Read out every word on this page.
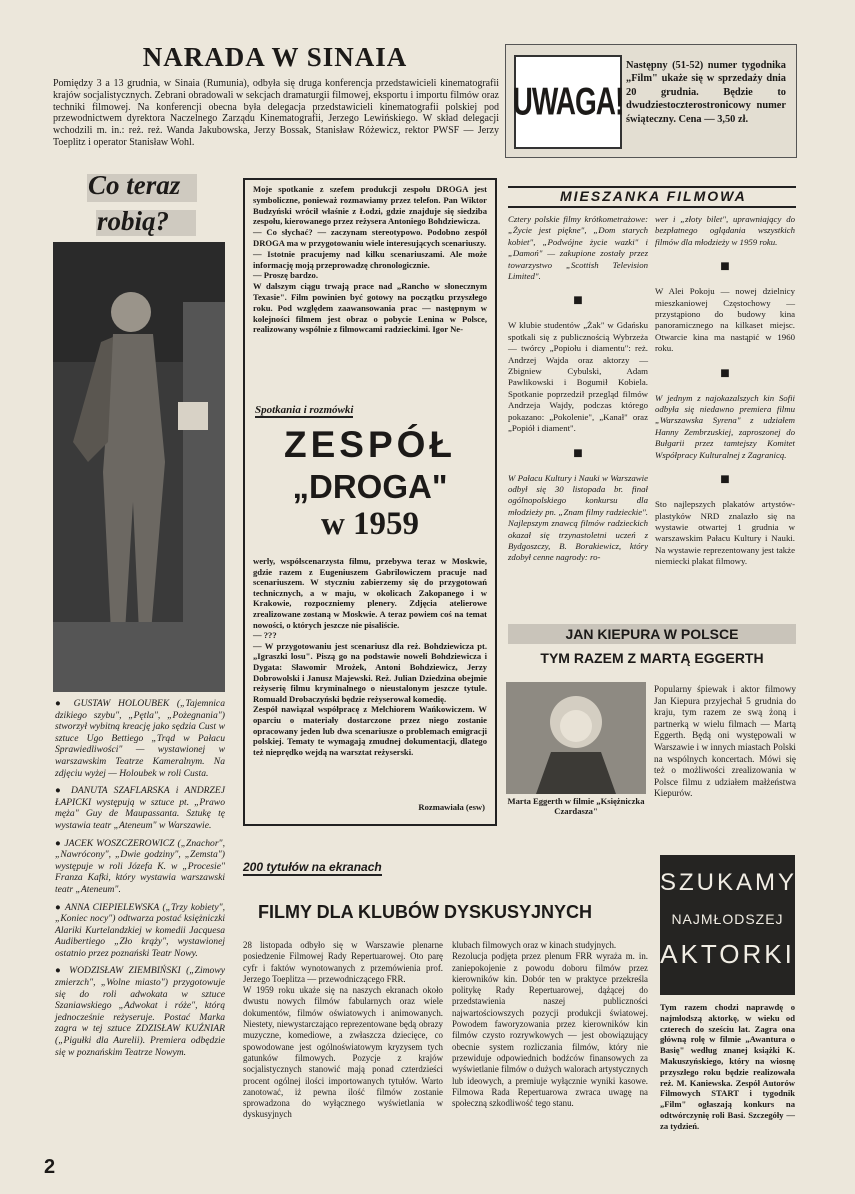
NARADA W SINAIA

Pomiędzy 3 a 13 grudnia, w Sinaia (Rumunia), odbyła się druga konferencja przedstawicieli kinematografii krajów socjalistycznych. Zebrani obradowali w sekcjach dramaturgii filmowej, eksportu i importu filmów oraz techniki filmowej. Na konferencji obecna była delegacja przedstawicieli kinematografii polskiej pod przewodnictwem dyrektora Naczelnego Zarządu Kinematografii, Jerzego Lewińskiego. W skład delegacji wchodzili m. in.: reż. reż. Wanda Jakubowska, Jerzy Bossak, Stanisław Różewicz, rektor PWSF — Jerzy Toeplitz i operator Stanisław Wohl.

UWAGA!

Następny (51-52) numer tygodnika „Film" ukaże się w sprzedaży dnia 20 grudnia. Będzie to dwudziestoczterostronicowy numer świąteczny. Cena — 3,50 zł.

Co teraz
robią?

● GUSTAW HOLOUBEK („Tajemnica dzikiego szybu", „Pętla", „Pożegnania") stworzył wybitną kreację jako sędzia Cust w sztuce Ugo Bettiego „Trąd w Pałacu Sprawiedliwości" — wystawionej w warszawskim Teatrze Kameralnym. Na zdjęciu wyżej — Holoubek w roli Custa.

● DANUTA SZAFLARSKA i ANDRZEJ ŁAPICKI występują w sztuce pt. „Prawo męża" Guy de Maupassanta. Sztukę tę wystawia teatr „Ateneum" w Warszawie.

● JACEK WOSZCZEROWICZ („Znachor", „Nawrócony", „Dwie godziny", „Zemsta") występuje w roli Józefa K. w „Procesie" Franza Kafki, który wystawia warszawski teatr „Ateneum".

● ANNA CIEPIELEWSKA („Trzy kobiety", „Koniec nocy") odtwarza postać księżniczki Alariki Kurtelandzkiej w komedii Jacquesa Audibertiego „Zło krąży", wystawionej ostatnio przez poznański Teatr Nowy.

● WODZISŁAW ZIEMBIŃSKI („Zimowy zmierzch", „Wolne miasto") przygotowuje się do roli adwokata w sztuce Szaniawskiego „Adwokat i róże", którą jednocześnie reżyseruje. Postać Marka zagra w tej sztuce ZDZISŁAW KUŹNIAR („Pigułki dla Aurelii). Premiera odbędzie się w poznańskim Teatrze Nowym.

Moje spotkanie z szefem produkcji zespołu DROGA jest symboliczne, ponieważ rozmawiamy przez telefon. Pan Wiktor Budzyński wrócił właśnie z Łodzi, gdzie znajduje się siedziba zespołu, kierowanego przez reżysera Antoniego Bohdziewicza.
— Co słychać? — zaczynam stereotypowo. Podobno zespół DROGA ma w przygotowaniu wiele interesujących scenariuszy.
— Istotnie pracujemy nad kilku scenariuszami. Ale może informację moją przeprowadzę chronologicznie.
— Proszę bardzo.
W dalszym ciągu trwają prace nad „Rancho w słonecznym Texasie". Film powinien być gotowy na początku przyszłego roku. Pod względem zaawansowania prac — następnym w kolejności filmem jest obraz o pobycie Lenina w Polsce, realizowany wspólnie z filmowcami radzieckimi. Igor Ne-

Spotkania i rozmówki
ZESPÓŁ
„DROGA"
w 1959

werly, współscenarzysta filmu, przebywa teraz w Moskwie, gdzie razem z Eugeniuszem Gabrilowiczem pracuje nad scenariuszem. W styczniu zabierzemy się do przygotowań technicznych, a w maju, w okolicach Zakopanego i w Krakowie, rozpoczniemy plenery. Zdjęcia atelierowe zrealizowane zostaną w Moskwie. A teraz powiem coś na temat nowości, o których jeszcze nie pisaliście.
— ???
— W przygotowaniu jest scenariusz dla reż. Bohdziewicza pt. „Igraszki losu". Piszą go na podstawie noweli Bohdziewicza i Dygata: Sławomir Mrożek, Antoni Bohdziewicz, Jerzy Dobrowolski i Janusz Majewski. Reż. Julian Dziedzina obejmie reżyserię filmu kryminalnego o nieustalonym jeszcze tytule. Romuald Drobaczyński będzie reżyserował komedię.
Zespół nawiązał współpracę z Melchiorem Wańkowiczem. W oparciu o materiały dostarczone przez niego zostanie opracowany jeden lub dwa scenariusze o problemach emigracji polskiej. Tematy te wymagają zmudnej dokumentacji, dlatego też nieprędko wejdą na warsztat reżyserski.

Rozmawiała (esw)
MIESZANKA FILMOWA

Cztery polskie filmy krótkometrażowe: „Życie jest piękne", „Dom starych kobiet", „Podwójne życie wazki" i „Damoń" — zakupione zostały przez towarzystwo „Scottish Television Limited".

■

W klubie studentów „Żak" w Gdańsku spotkali się z publicznością Wybrzeża — twórcy „Popiołu i diamentu": reż. Andrzej Wajda oraz aktorzy — Zbigniew Cybulski, Adam Pawlikowski i Bogumił Kobiela. Spotkanie poprzedził przegląd filmów Andrzeja Wajdy, podczas którego pokazano: „Pokolenie", „Kanał" oraz „Popiół i diament".

■

W Pałacu Kultury i Nauki w Warszawie odbył się 30 listopada br. finał ogólnopolskiego konkursu dla młodzieży pn. „Znam filmy radzieckie". Najlepszym znawcą filmów radzieckich okazał się trzynastoletni uczeń z Bydgoszczy, B. Borakiewicz, który zdobył cenne nagrody: ro-

wer i „złoty bilet", uprawniający do bezpłatnego oglądania wszystkich filmów dla młodzieży w 1959 roku.

■

W Alei Pokoju — nowej dzielnicy mieszkaniowej Częstochowy — przystąpiono do budowy kina panoramicznego na kilkaset miejsc. Otwarcie kina ma nastąpić w 1960 roku.

■

W jednym z najokazalszych kin Sofii odbyła się niedawno premiera filmu „Warszawska Syrena" z udziałem Hanny Zembrzuskiej, zaproszonej do Bułgarii przez tamtejszy Komitet Współpracy Kulturalnej z Zagranicą.

■

Sto najlepszych plakatów artystów-plastyków NRD znalazło się na wystawie otwartej 1 grudnia w warszawskim Pałacu Kultury i Nauki. Na wystawie reprezentowany jest także niemiecki plakat filmowy.

JAN KIEPURA W POLSCE
TYM RAZEM Z MARTĄ EGGERTH

Marta Eggerth w filmie „Księżniczka Czardasza"

Popularny śpiewak i aktor filmowy Jan Kiepura przyjechał 5 grudnia do kraju, tym razem ze swą żoną i partnerką w wielu filmach — Martą Eggerth. Będą oni występowali w Warszawie i w innych miastach Polski na wspólnych koncertach. Mówi się też o możliwości zrealizowania w Polsce filmu z udziałem małżeństwa Kiepurów.

200 tytułów na ekranach
FILMY DLA KLUBÓW DYSKUSYJNYCH

28 listopada odbyło się w Warszawie plenarne posiedzenie Filmowej Rady Repertuarowej. Oto parę cyfr i faktów wynotowanych z przemówienia prof. Jerzego Toeplitza — przewodniczącego FRR.
W 1959 roku ukaże się na naszych ekranach około dwustu nowych filmów fabularnych oraz wiele dokumentów, filmów oświatowych i animowanych. Niestety, niewystarczająco reprezentowane będą obrazy muzyczne, komediowe, a zwłaszcza dziecięce, co spowodowane jest ogólnoświatowym kryzysem tych gatunków filmowych. Pozycje z krajów socjalistycznych stanowić mają ponad czterdzieści procent ogólnej ilości importowanych tytułów. Warto zanotować, iż pewna ilość filmów zostanie sprowadzona do wyłącznego wyświetlania w dyskusyjnych

klubach filmowych oraz w kinach studyjnych.
Rezolucja podjęta przez plenum FRR wyraża m. in. zaniepokojenie z powodu doboru filmów przez kierowników kin. Dobór ten w praktyce przekreśla politykę Rady Repertuarowej, dążącej do przedstawienia naszej publiczności najwartościowszych pozycji produkcji światowej. Powodem faworyzowania przez kierowników kin filmów czysto rozrywkowych — jest obowiązujący obecnie system rozliczania filmów, który nie przewiduje odpowiednich bodźców finansowych za wyświetlanie filmów o dużych walorach artystycznych lub ideowych, a premiuje wyłącznie wyniki kasowe. Filmowa Rada Repertuarowa zwraca uwagę na społeczną szkodliwość tego stanu.

SZUKAMY
NAJMŁODSZEJ
AKTORKI

Tym razem chodzi naprawdę o najmłodszą aktorkę, w wieku od czterech do sześciu lat. Zagra ona główną rolę w filmie „Awantura o Basię" według znanej książki K. Makuszyńskiego, który na wiosnę przyszłego roku będzie realizowała reż. M. Kaniewska. Zespół Autorów Filmowych START i tygodnik „Film" ogłaszają konkurs na odtwórczynię roli Basi. Szczegóły — za tydzień.

2
